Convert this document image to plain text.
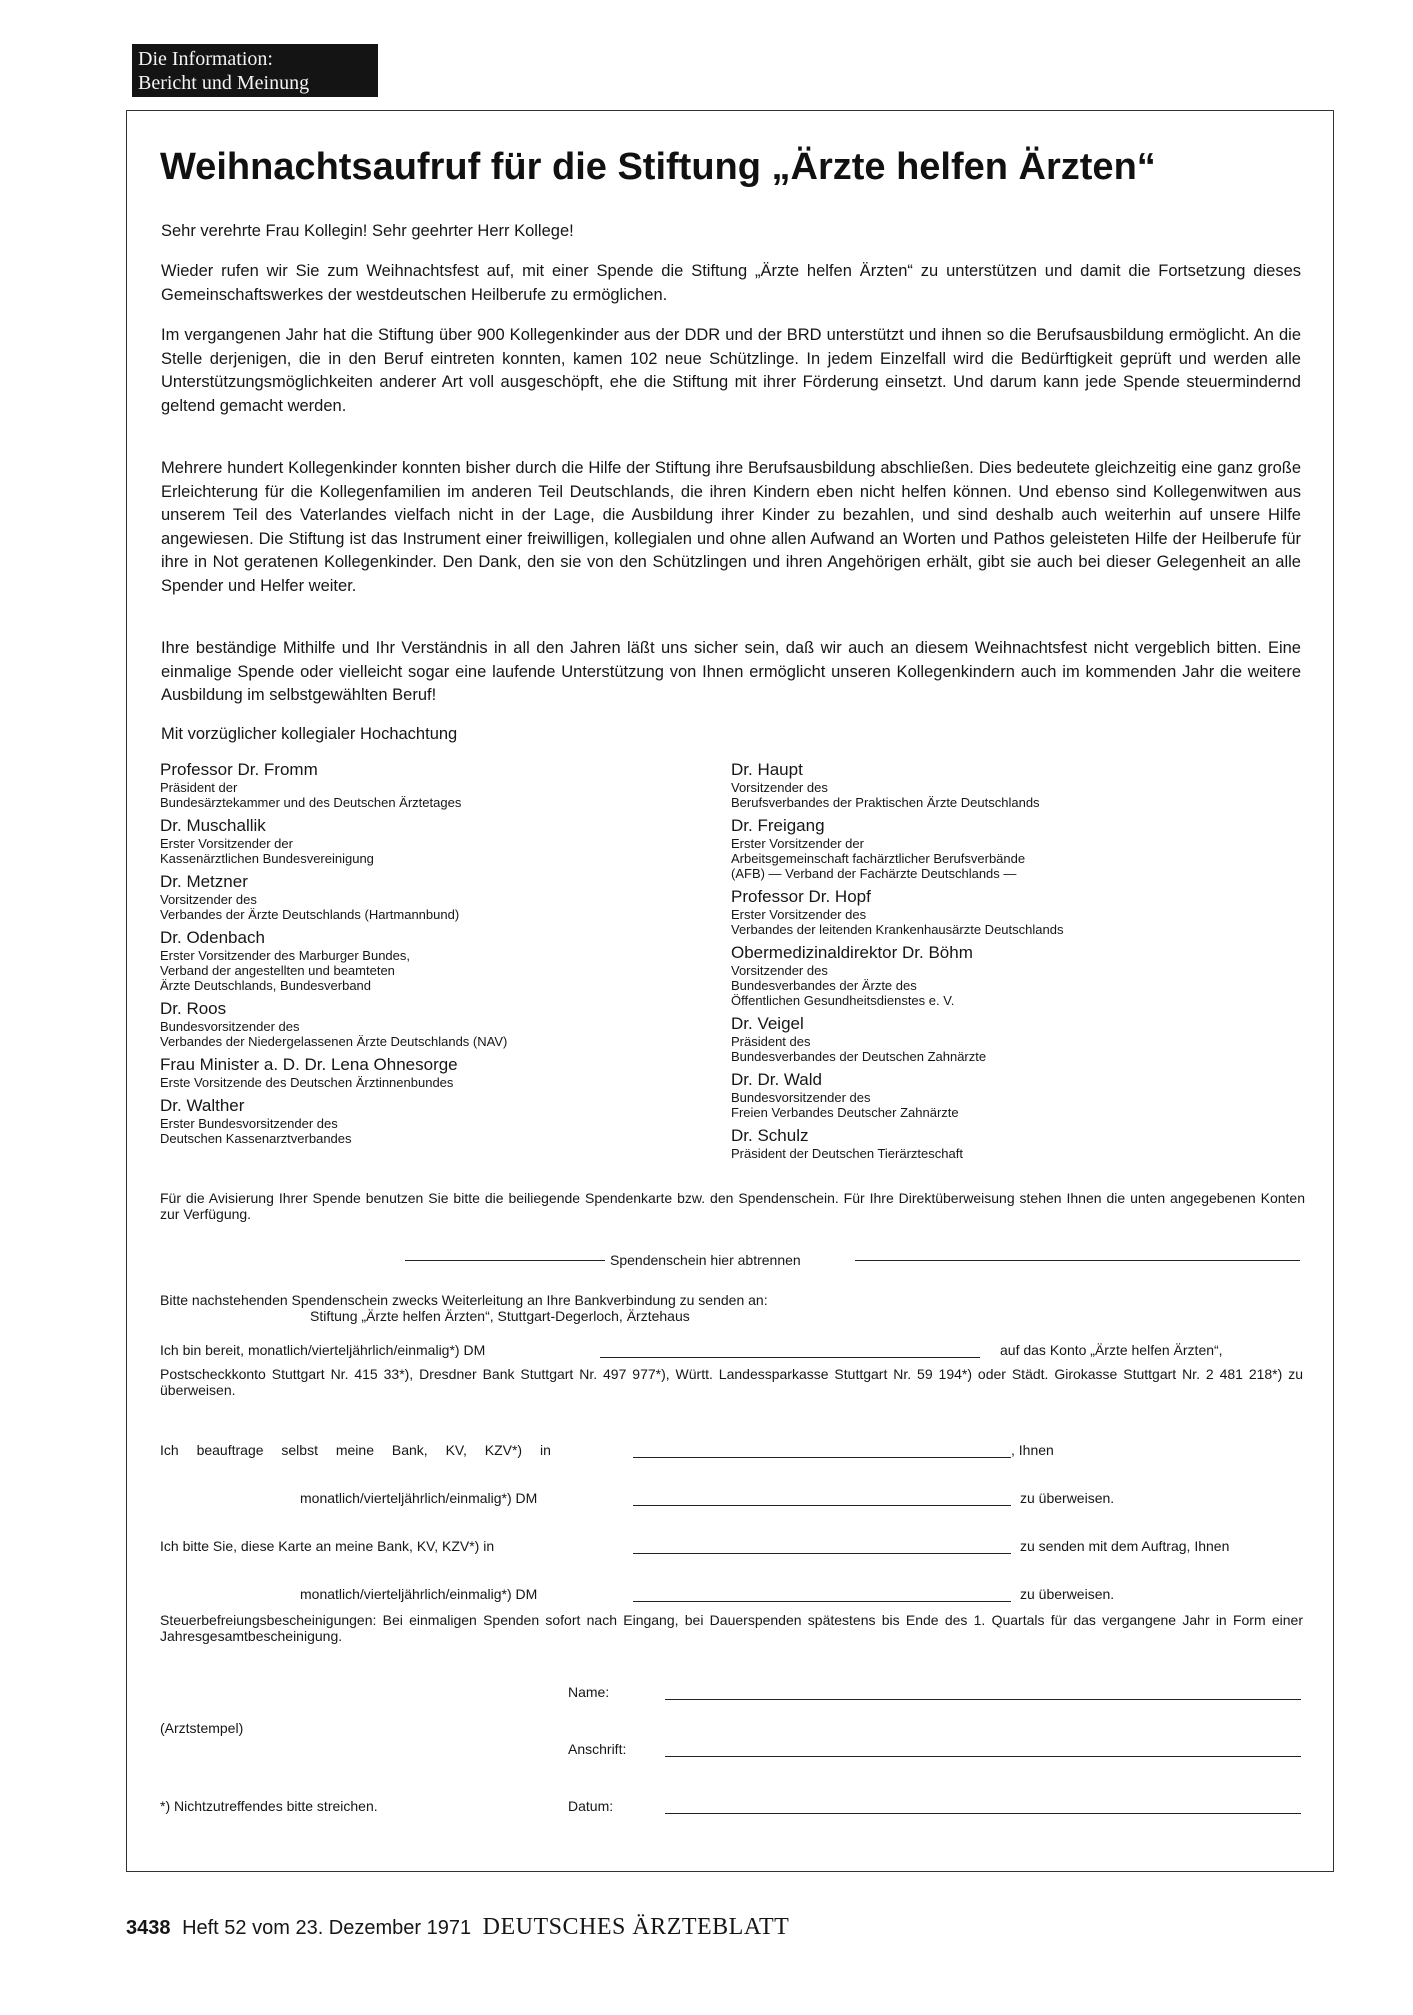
Die Information:
Bericht und Meinung
Weihnachtsaufruf für die Stiftung „Ärzte helfen Ärzten“
Sehr verehrte Frau Kollegin! Sehr geehrter Herr Kollege!
Wieder rufen wir Sie zum Weihnachtsfest auf, mit einer Spende die Stiftung „Ärzte helfen Ärzten“ zu unterstützen und damit die Fortsetzung dieses Gemeinschaftswerkes der westdeutschen Heilberufe zu ermöglichen.
Im vergangenen Jahr hat die Stiftung über 900 Kollegenkinder aus der DDR und der BRD unterstützt und ihnen so die Berufsausbildung ermöglicht. An die Stelle derjenigen, die in den Beruf eintreten konnten, kamen 102 neue Schützlinge. In jedem Einzelfall wird die Bedürftigkeit geprüft und werden alle Unterstützungsmöglichkeiten anderer Art voll ausgeschöpft, ehe die Stiftung mit ihrer Förderung einsetzt. Und darum kann jede Spende steuermindernd geltend gemacht werden.
Mehrere hundert Kollegenkinder konnten bisher durch die Hilfe der Stiftung ihre Berufsausbildung abschließen. Dies bedeutete gleichzeitig eine ganz große Erleichterung für die Kollegenfamilien im anderen Teil Deutschlands, die ihren Kindern eben nicht helfen können. Und ebenso sind Kollegenwitwen aus unserem Teil des Vaterlandes vielfach nicht in der Lage, die Ausbildung ihrer Kinder zu bezahlen, und sind deshalb auch weiterhin auf unsere Hilfe angewiesen. Die Stiftung ist das Instrument einer freiwilligen, kollegialen und ohne allen Aufwand an Worten und Pathos geleisteten Hilfe der Heilberufe für ihre in Not geratenen Kollegenkinder. Den Dank, den sie von den Schützlingen und ihren Angehörigen erhält, gibt sie auch bei dieser Gelegenheit an alle Spender und Helfer weiter.
Ihre beständige Mithilfe und Ihr Verständnis in all den Jahren läßt uns sicher sein, daß wir auch an diesem Weihnachtsfest nicht vergeblich bitten. Eine einmalige Spende oder vielleicht sogar eine laufende Unterstützung von Ihnen ermöglicht unseren Kollegenkindern auch im kommenden Jahr die weitere Ausbildung im selbstgewählten Beruf!
Mit vorzüglicher kollegialer Hochachtung
Professor Dr. Fromm
Präsident der
Bundesärztekammer und des Deutschen Ärztetages
Dr. Muschallik
Erster Vorsitzender der
Kassenärztlichen Bundesvereinigung
Dr. Metzner
Vorsitzender des
Verbandes der Ärzte Deutschlands (Hartmannbund)
Dr. Odenbach
Erster Vorsitzender des Marburger Bundes,
Verband der angestellten und beamteten
Ärzte Deutschlands, Bundesverband
Dr. Roos
Bundesvorsitzender des
Verbandes der Niedergelassenen Ärzte Deutschlands (NAV)
Frau Minister a. D. Dr. Lena Ohnesorge
Erste Vorsitzende des Deutschen Ärztinnenbundes
Dr. Walther
Erster Bundesvorsitzender des
Deutschen Kassenarztverbandes
Dr. Haupt
Vorsitzender des
Berufsverbandes der Praktischen Ärzte Deutschlands
Dr. Freigang
Erster Vorsitzender der
Arbeitsgemeinschaft fachärztlicher Berufsverbände
(AFB) — Verband der Fachärzte Deutschlands —
Professor Dr. Hopf
Erster Vorsitzender des
Verbandes der leitenden Krankenhausärzte Deutschlands
Obermedizinaldirektor Dr. Böhm
Vorsitzender des
Bundesverbandes der Ärzte des
Öffentlichen Gesundheitsdienstes e. V.
Dr. Veigel
Präsident des
Bundesverbandes der Deutschen Zahnärzte
Dr. Dr. Wald
Bundesvorsitzender des
Freien Verbandes Deutscher Zahnärzte
Dr. Schulz
Präsident der Deutschen Tierärzteschaft
Für die Avisierung Ihrer Spende benutzen Sie bitte die beiliegende Spendenkarte bzw. den Spendenschein. Für Ihre Direktüberweisung stehen Ihnen die unten angegebenen Konten zur Verfügung.
Spendenschein hier abtrennen
Bitte nachstehenden Spendenschein zwecks Weiterleitung an Ihre Bankverbindung zu senden an:
Stiftung „Ärzte helfen Ärzten“, Stuttgart-Degerloch, Ärztehaus
Ich bin bereit, monatlich/vierteljährlich/einmalig*) DM	auf das Konto „Ärzte helfen Ärzten“,
Postscheckkonto Stuttgart Nr. 415 33*), Dresdner Bank Stuttgart Nr. 497 977*), Württ. Landessparkasse Stuttgart Nr. 59 194*) oder Städt. Girokasse Stuttgart Nr. 2 481 218*) zu überweisen.
Ich beauftrage selbst meine Bank, KV, KZV*) in	, Ihnen
monatlich/vierteljährlich/einmalig*) DM	zu überweisen.
Ich bitte Sie, diese Karte an meine Bank, KV, KZV*) in	zu senden mit dem Auftrag, Ihnen
monatlich/vierteljährlich/einmalig*) DM	zu überweisen.
Steuerbefreiungsbescheinigungen: Bei einmaligen Spenden sofort nach Eingang, bei Dauerspenden spätestens bis Ende des 1. Quartals für das vergangene Jahr in Form einer Jahresgesamtbescheinigung.
Name:
(Arztstempel)
Anschrift:
Datum:
*) Nichtzutreffendes bitte streichen.
3438 Heft 52 vom 23. Dezember 1971 DEUTSCHES ÄRZTEBLATT
